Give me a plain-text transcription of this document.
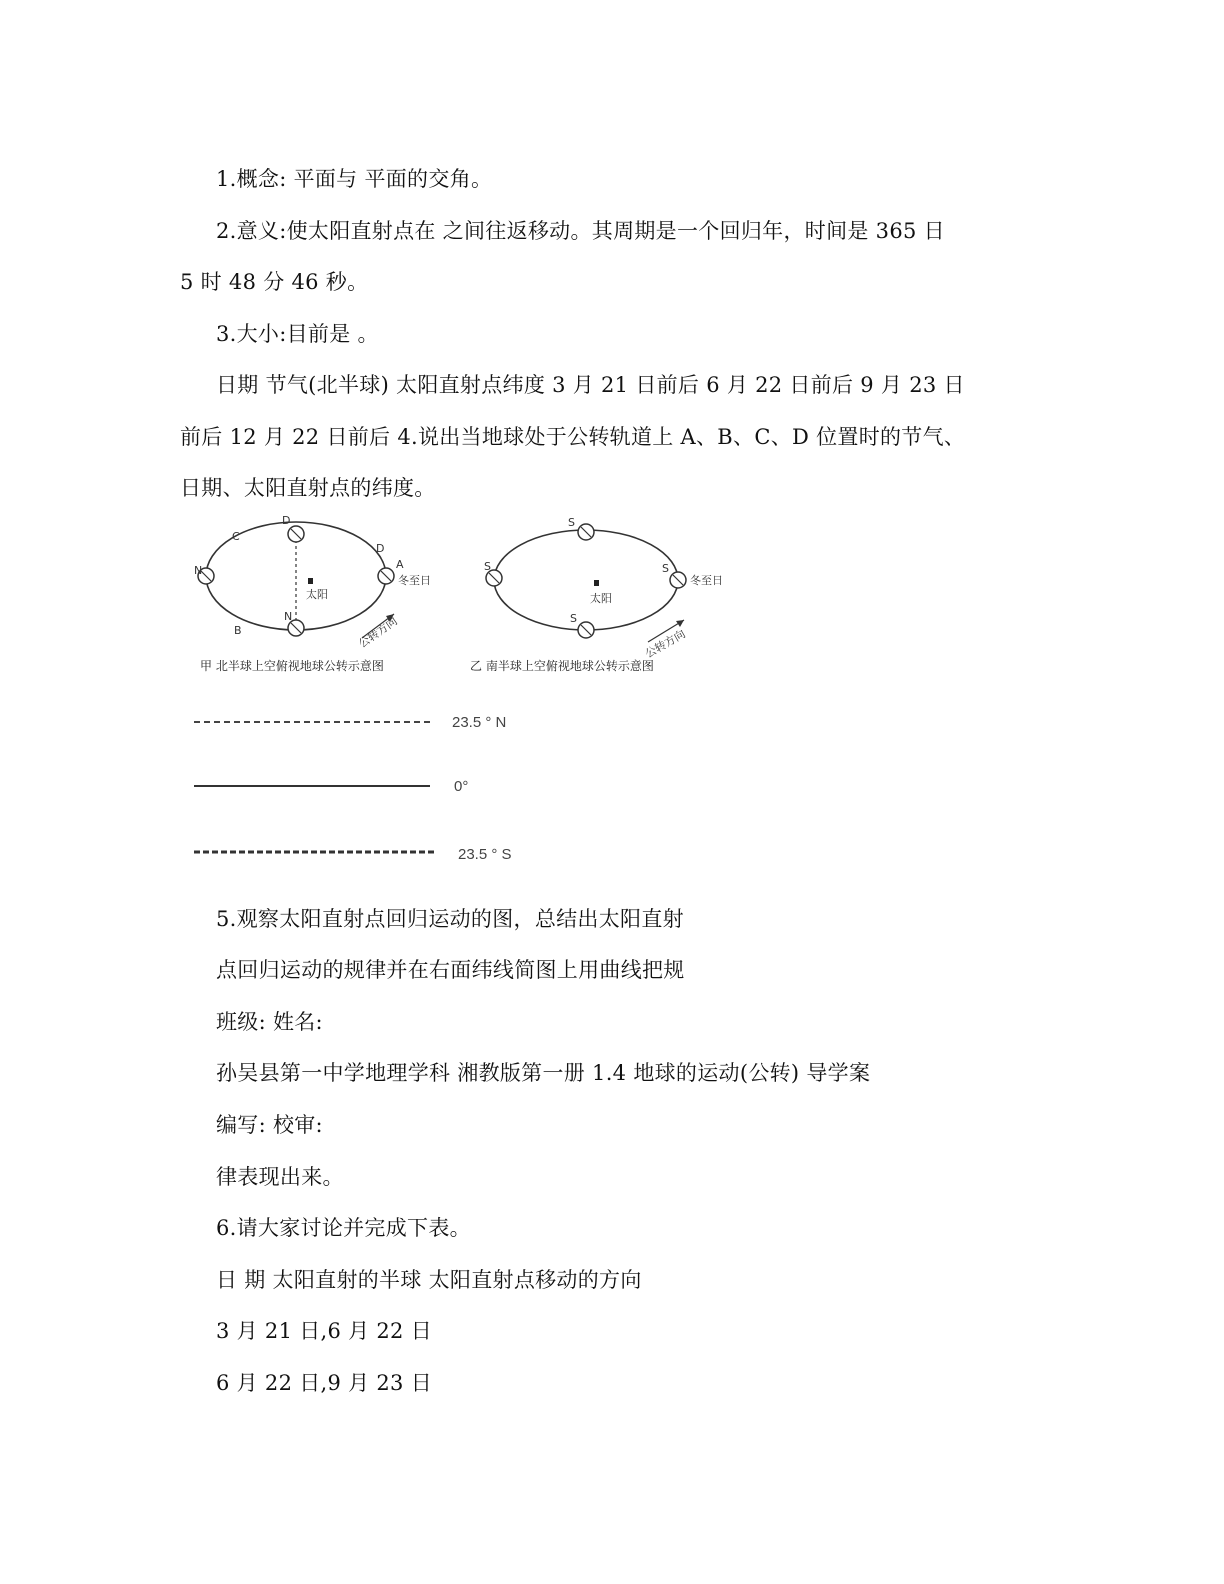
1.概念: 平面与 平面的交角。
2.意义:使太阳直射点在 之间往返移动。其周期是一个回归年，时间是 365 日
5 时 48 分 46 秒。
3.大小:目前是 。
日期 节气(北半球) 太阳直射点纬度 3 月 21 日前后 6 月 22 日前后 9 月 23 日
前后 12 月 22 日前后 4.说出当地球处于公转轨道上 A、B、C、D 位置时的节气、
日期、太阳直射点的纬度。
D
N	A
N
C
D
B
太阳
冬至日
公转方向
甲 北半球上空俯视地球公转示意图
S
S	S
S
太阳
冬至日
公转方向
乙 南半球上空俯视地球公转示意图
23.5 ° N
0°
23.5 ° S
5.观察太阳直射点回归运动的图，总结出太阳直射
点回归运动的规律并在右面纬线简图上用曲线把规
班级: 姓名:
孙吴县第一中学地理学科 湘教版第一册 1.4 地球的运动(公转) 导学案
编写: 校审:
律表现出来。
6.请大家讨论并完成下表。
日 期 太阳直射的半球 太阳直射点移动的方向
3 月 21 日,6 月 22 日
6 月 22 日,9 月 23 日
